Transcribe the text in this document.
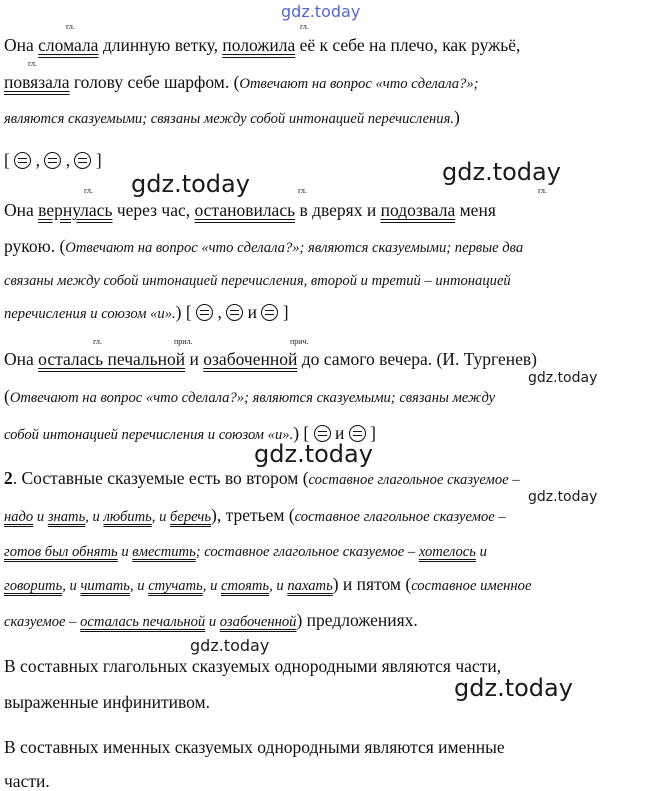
gdz.today
gdz.today	gdz.today
gdz.today
gdz.today
gdz.today
gdz.today
gdz.today
гл.	гл.
гл.
гл.	гл.	гл.
гл.	прил.	прич.
Она сломала длинную ветку, положила её к себе на плечо, как ружьё,
повязала голову себе шарфом. (Отвечают на вопрос «что сделала?»;
являются сказуемыми; связаны между собой интонацией перечисления.)
[  ,  ,  ]
Она вернулась через час, остановилась в дверях и подозвала меня
рукою. (Отвечают на вопрос «что сделала?»; являются сказуемыми; первые два
связаны между собой интонацией перечисления, второй и третий – интонацией
перечисления и союзом «и».) [  ,  и  ]
Она осталась печальной и озабоченной до самого вечера. (И. Тургенев)
(Отвечают на вопрос «что сделала?»; являются сказуемыми; связаны между
собой интонацией перечисления и союзом «и».) [  и  ]
2. Составные сказуемые есть во втором (составное глагольное сказуемое –
надо и знать, и любить, и беречь), третьем (составное глагольное сказуемое –
готов был обнять и вместить; составное глагольное сказуемое – хотелось и
говорить, и читать, и стучать, и стоять, и пахать) и пятом (составное именное
сказуемое – осталась печальной и озабоченной) предложениях.
В составных глагольных сказуемых однородными являются части,
выраженные инфинитивом.
В составных именных сказуемых однородными являются именные
части.
